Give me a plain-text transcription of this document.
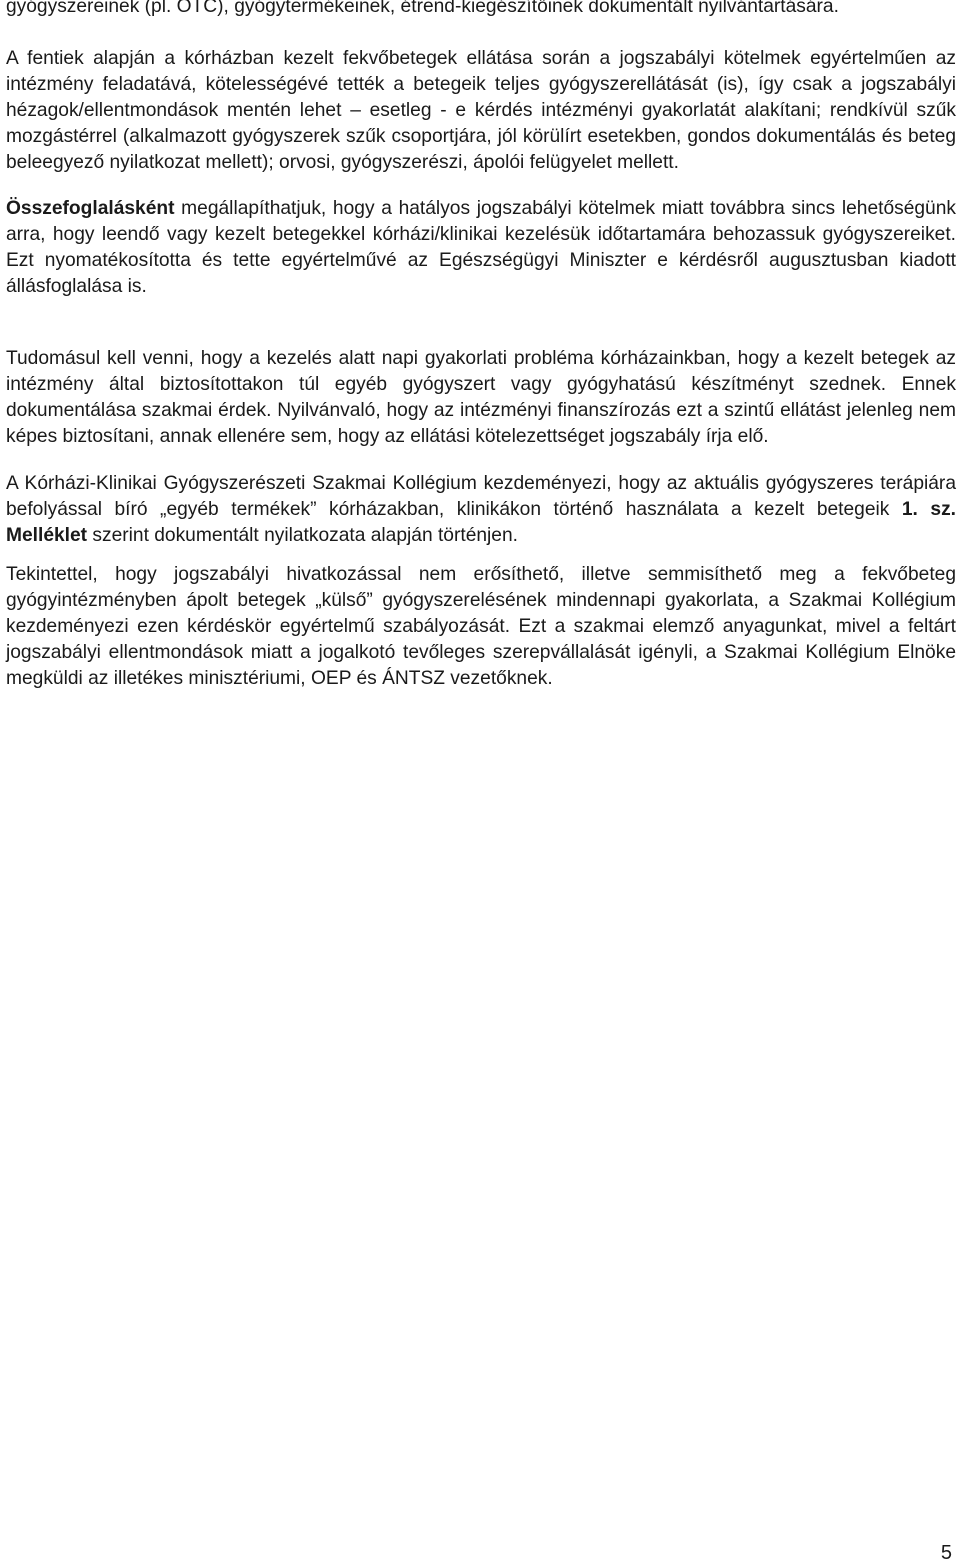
gyógyszereinek (pl. OTC), gyógytermékeinek, étrend-kiegészítőinek dokumentált nyilvántartására.

A fentiek alapján a kórházban kezelt fekvőbetegek ellátása során a jogszabályi kötelmek egyértelműen az intézmény feladatává, kötelességévé tették a betegeik teljes gyógyszerellátását (is), így csak a jogszabályi hézagok/ellentmondások mentén lehet – esetleg - e kérdés intézményi gyakorlatát alakítani; rendkívül szűk mozgástérrel (alkalmazott gyógyszerek szűk csoportjára, jól körülírt esetekben, gondos dokumentálás és beteg beleegyező nyilatkozat mellett); orvosi, gyógyszerészi, ápolói felügyelet mellett.

Összefoglalásként megállapíthatjuk, hogy a hatályos jogszabályi kötelmek miatt továbbra sincs lehetőségünk arra, hogy leendő vagy kezelt betegekkel kórházi/klinikai kezelésük időtartamára behozassuk gyógyszereiket. Ezt nyomatékosította és tette egyértelművé az Egészségügyi Miniszter e kérdésről augusztusban kiadott állásfoglalása is.

Tudomásul kell venni, hogy a kezelés alatt napi gyakorlati probléma kórházainkban, hogy a kezelt betegek az intézmény által biztosítottakon túl egyéb gyógyszert vagy gyógyhatású készítményt szednek. Ennek dokumentálása szakmai érdek. Nyilvánvaló, hogy az intézményi finanszírozás ezt a szintű ellátást jelenleg nem képes biztosítani, annak ellenére sem, hogy az ellátási kötelezettséget jogszabály írja elő.

A Kórházi-Klinikai Gyógyszerészeti Szakmai Kollégium kezdeményezi, hogy az aktuális gyógyszeres terápiára befolyással bíró „egyéb termékek” kórházakban, klinikákon történő használata a kezelt betegeik 1. sz. Melléklet szerint dokumentált nyilatkozata alapján történjen.

Tekintettel, hogy jogszabályi hivatkozással nem erősíthető, illetve semmisíthető meg a fekvőbeteg gyógyintézményben ápolt betegek „külső” gyógyszerelésének mindennapi gyakorlata, a Szakmai Kollégium kezdeményezi ezen kérdéskör egyértelmű szabályozását. Ezt a szakmai elemző anyagunkat, mivel a feltárt jogszabályi ellentmondások miatt a jogalkotó tevőleges szerepvállalását igényli, a Szakmai Kollégium Elnöke megküldi az illetékes minisztériumi, OEP és ÁNTSZ vezetőknek.

5
